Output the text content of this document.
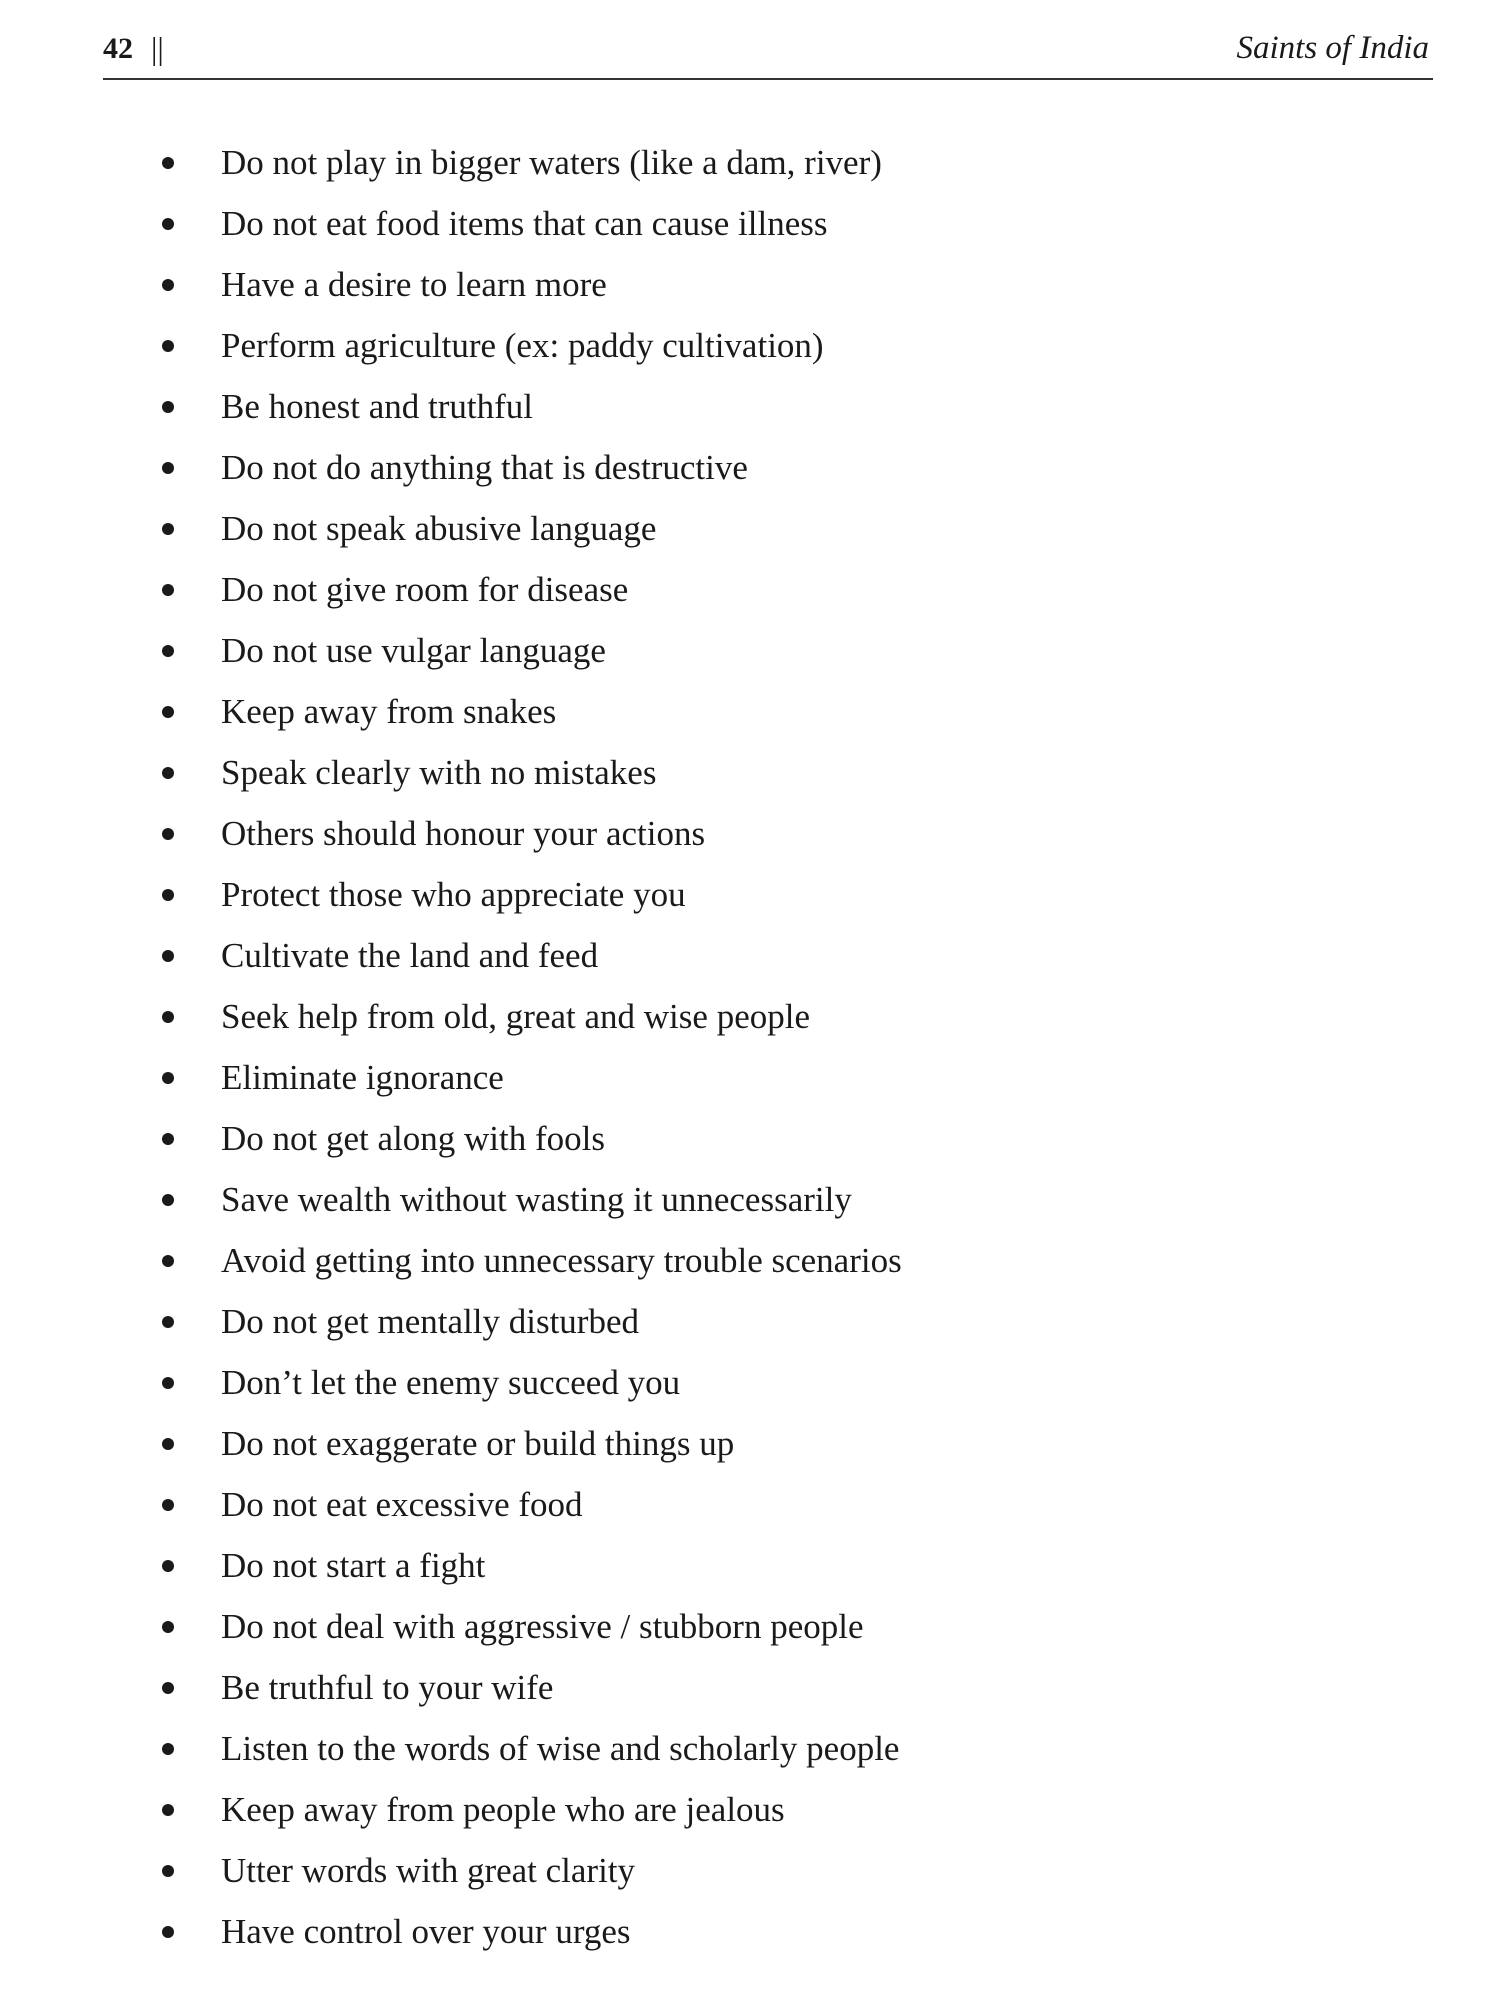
42 ||	Saints of India
Do not play in bigger waters (like a dam, river)
Do not eat food items that can cause illness
Have a desire to learn more
Perform agriculture (ex: paddy cultivation)
Be honest and truthful
Do not do anything that is destructive
Do not speak abusive language
Do not give room for disease
Do not use vulgar language
Keep away from snakes
Speak clearly with no mistakes
Others should honour your actions
Protect those who appreciate you
Cultivate the land and feed
Seek help from old, great and wise people
Eliminate ignorance
Do not get along with fools
Save wealth without wasting it unnecessarily
Avoid getting into unnecessary trouble scenarios
Do not get mentally disturbed
Don’t let the enemy succeed you
Do not exaggerate or build things up
Do not eat excessive food
Do not start a fight
Do not deal with aggressive / stubborn people
Be truthful to your wife
Listen to the words of wise and scholarly people
Keep away from people who are jealous
Utter words with great clarity
Have control over your urges
